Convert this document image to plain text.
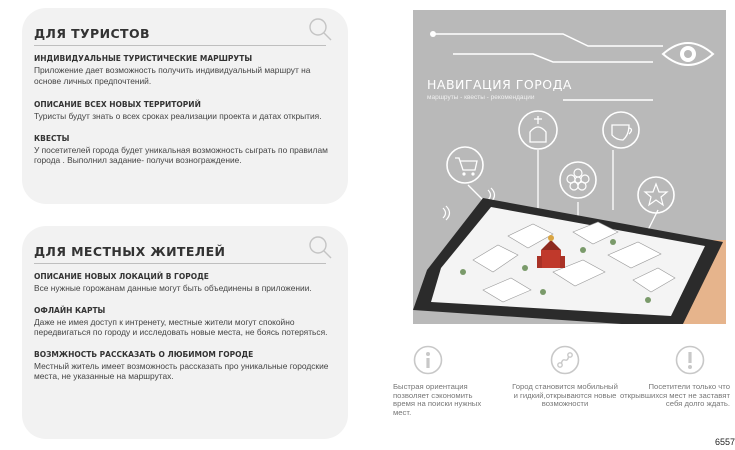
ДЛЯ ТУРИСТОВ
ИНДИВИДУАЛЬНЫЕ ТУРИСТИЧЕСКИЕ МАРШРУТЫ
Приложение дает возможность получить индивидуальный маршрут на основе личных предпочтений.
ОПИСАНИЕ ВСЕХ НОВЫХ ТЕРРИТОРИЙ
Туристы будут знать о всех сроках реализации проекта и датах открытия.
КВЕСТЫ
У посетителей города будет уникальная возможность сыграть по правилам города . Выполнил задание- получи вознограждение.
ДЛЯ МЕСТНЫХ ЖИТЕЛЕЙ
ОПИСАНИЕ НОВЫХ ЛОКАЦИЙ В ГОРОДЕ
Все нужные горожанам данные могут быть объединены в приложении.
ОФЛАЙН КАРТЫ
Даже не имея доступ к интренету, местные жители могут спокойно передвигаться по городу и исследовать новые места, не боясь потеряться.
ВОЗМЖНОСТЬ РАССКАЗАТЬ О ЛЮБИМОМ ГОРОДЕ
Местный житель имеет возможность рассказать про уникальные городские места, не указанные на маршрутах.
НАВИГАЦИЯ ГОРОДА
маршруты - квесты - рекомендации
Быстрая ориентация позволяет сэкономить время на поиски нужных мест.
Город становится мобильный и гидкий,открываются новые возможности
Посетители только что открывшихся мест не заставят себя долго ждать.
6557
